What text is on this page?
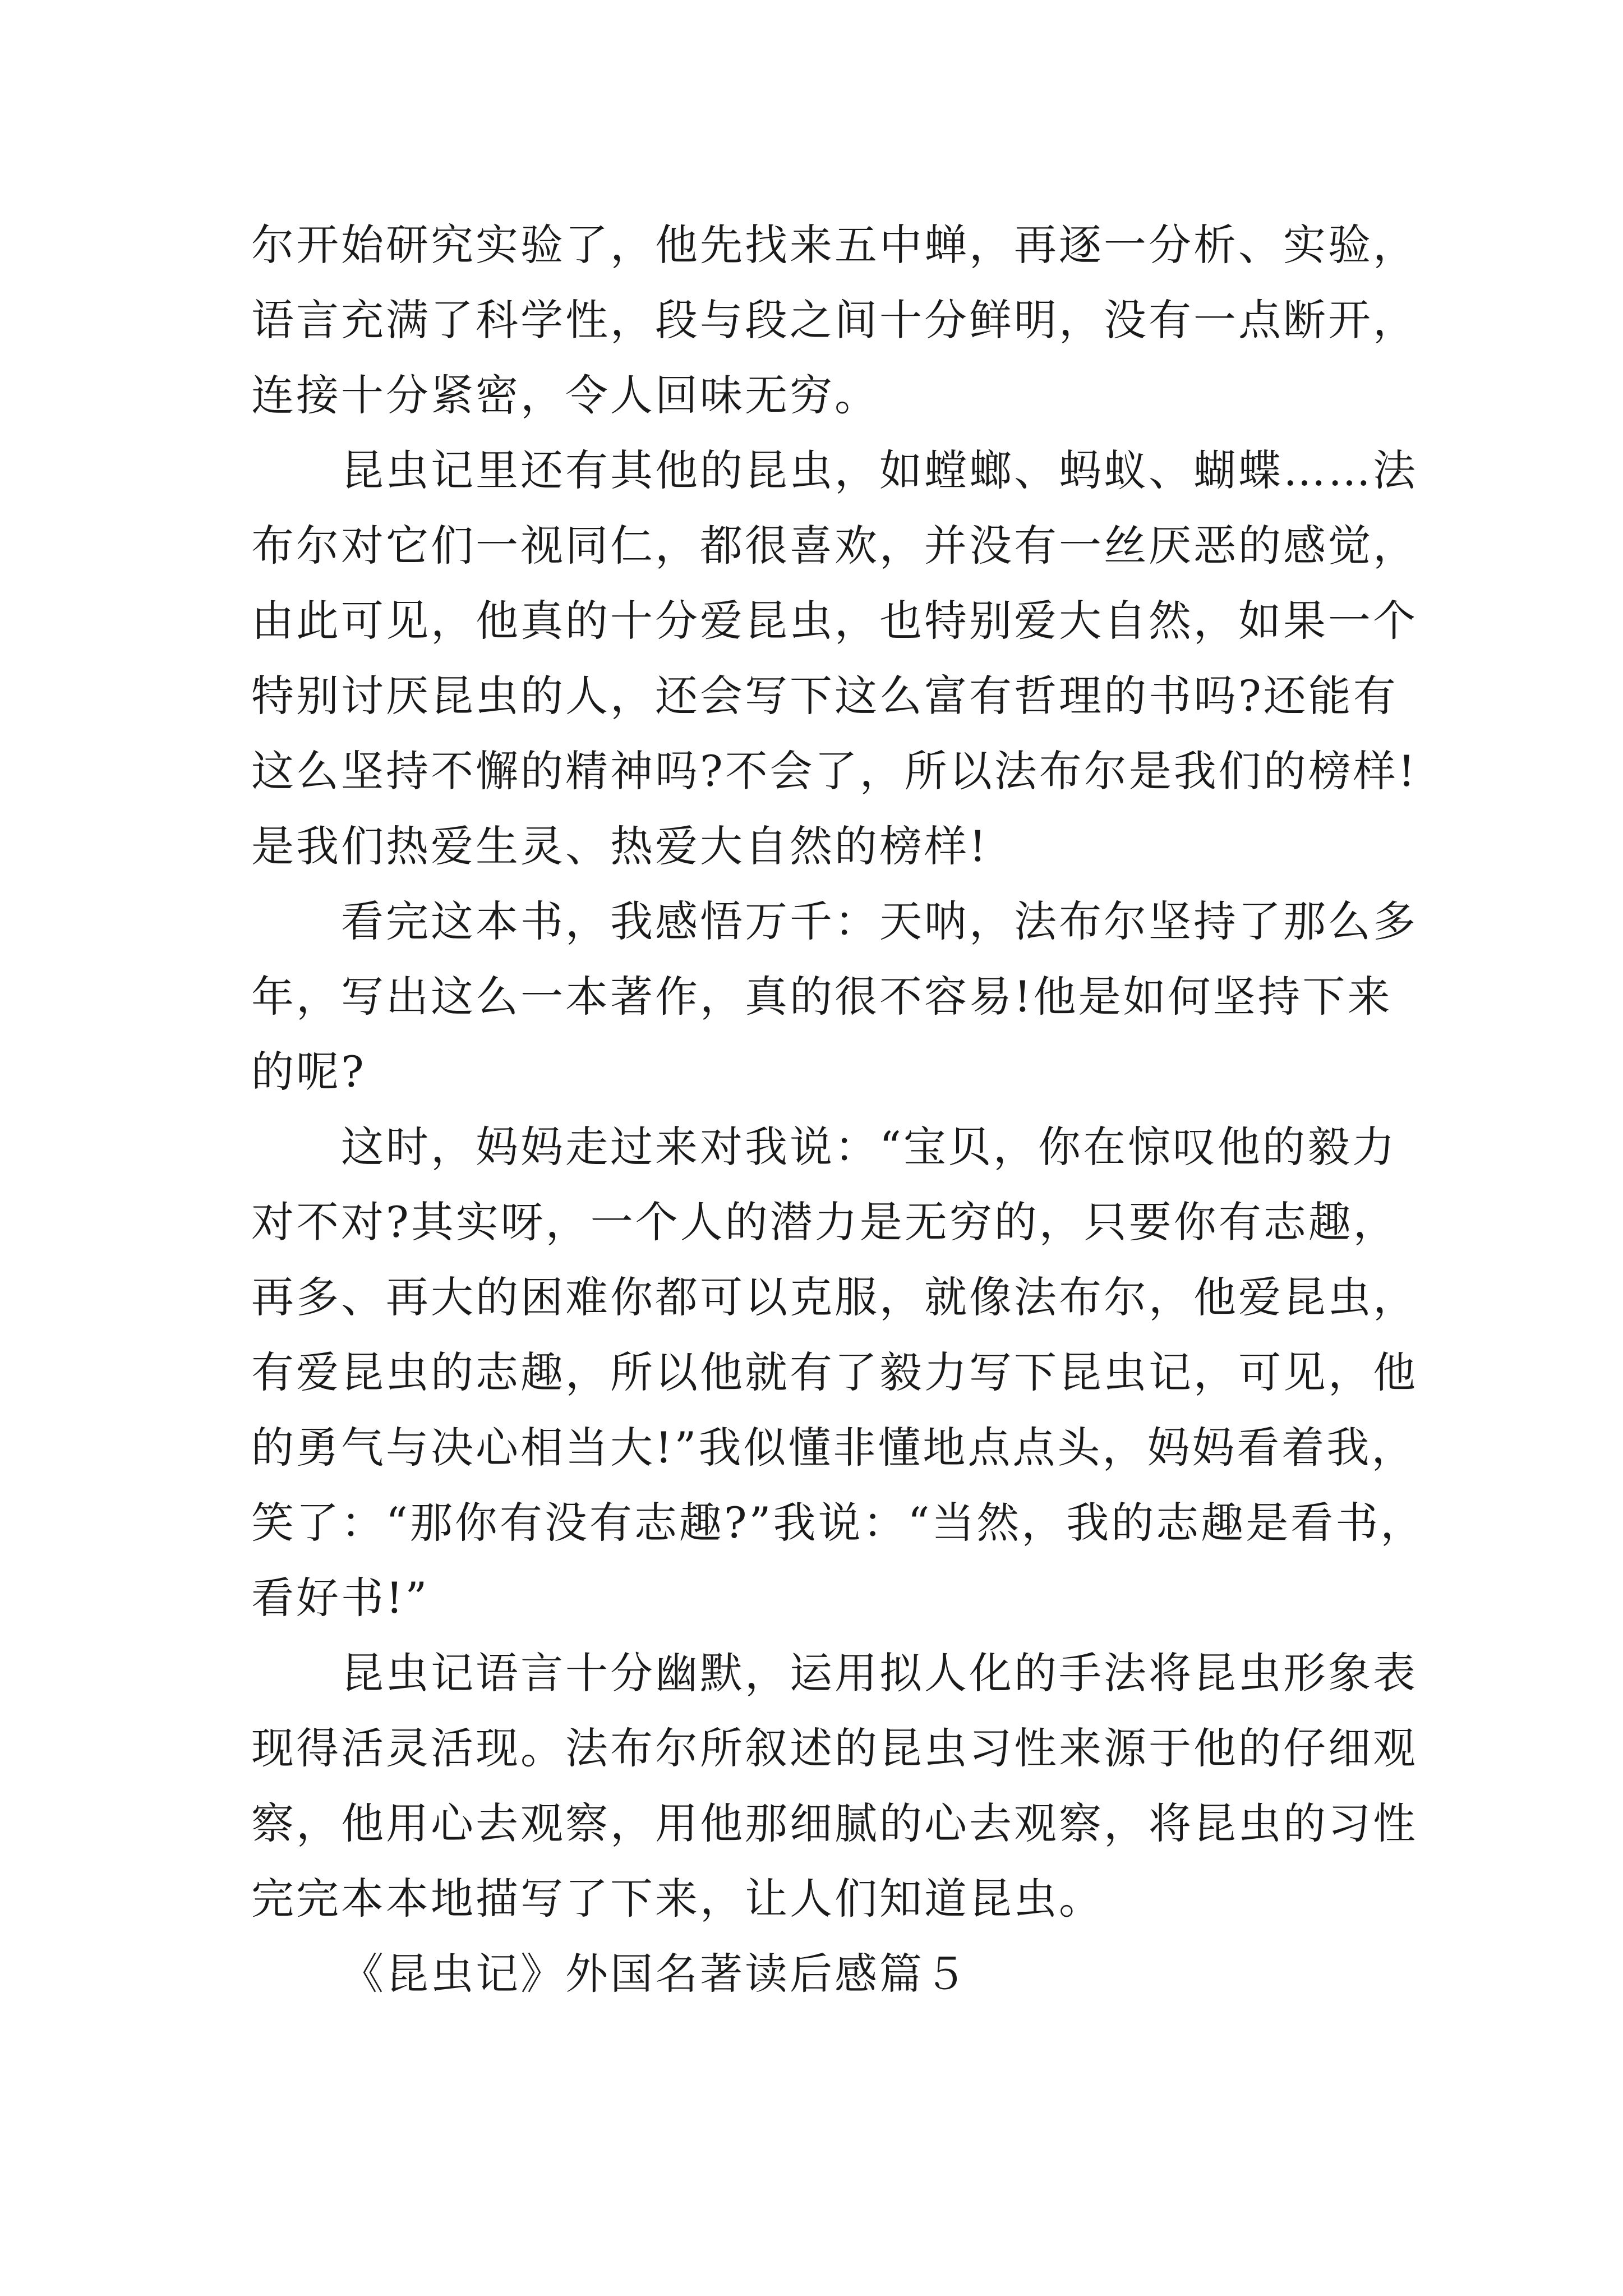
尔开始研究实验了，他先找来五中蝉，再逐一分析、实验，
语言充满了科学性，段与段之间十分鲜明，没有一点断开，
连接十分紧密，令人回味无穷。
昆虫记里还有其他的昆虫，如螳螂、蚂蚁、蝴蝶……法
布尔对它们一视同仁，都很喜欢，并没有一丝厌恶的感觉，
由此可见，他真的十分爱昆虫，也特别爱大自然，如果一个
特别讨厌昆虫的人，还会写下这么富有哲理的书吗?还能有
这么坚持不懈的精神吗?不会了，所以法布尔是我们的榜样!
是我们热爱生灵、热爱大自然的榜样!
看完这本书，我感悟万千：天呐，法布尔坚持了那么多
年，写出这么一本著作，真的很不容易!他是如何坚持下来
的呢?
这时，妈妈走过来对我说：“宝贝，你在惊叹他的毅力
对不对?其实呀，一个人的潜力是无穷的，只要你有志趣，
再多、再大的困难你都可以克服，就像法布尔，他爱昆虫，
有爱昆虫的志趣，所以他就有了毅力写下昆虫记，可见，他
的勇气与决心相当大!”我似懂非懂地点点头，妈妈看着我，
笑了：“那你有没有志趣?”我说：“当然，我的志趣是看书，
看好书!”
昆虫记语言十分幽默，运用拟人化的手法将昆虫形象表
现得活灵活现。法布尔所叙述的昆虫习性来源于他的仔细观
察，他用心去观察，用他那细腻的心去观察，将昆虫的习性
完完本本地描写了下来，让人们知道昆虫。
《昆虫记》外国名著读后感篇５
